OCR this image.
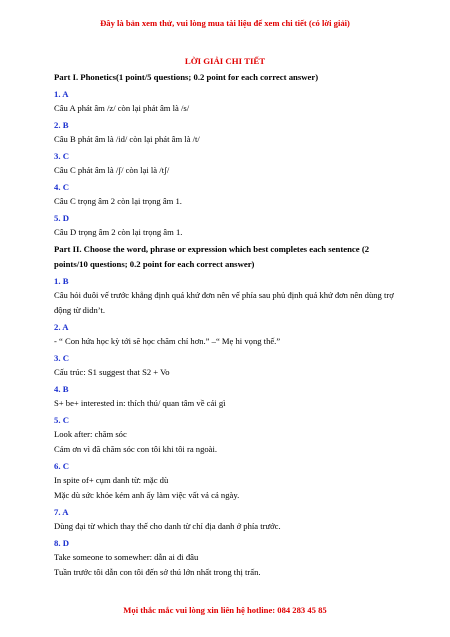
Đây là bản xem thử, vui lòng mua tài liệu để xem chi tiết (có lời giải)
LỜI GIẢI CHI TIẾT
Part I. Phonetics(1 point/5 questions; 0.2 point for each correct answer)
1. A
Câu A phát âm /z/ còn lại phát âm là /s/
2. B
Câu B phát âm là /id/ còn lại phát âm là /t/
3. C
Câu C phát âm là /ʃ/ còn lại là /tʃ/
4. C
Câu C trọng âm 2 còn lại trọng âm 1.
5. D
Câu D trọng âm 2 còn lại trọng âm 1.
Part II. Choose the word, phrase or expression which best completes each sentence (2 points/10 questions; 0.2 point for each correct answer)
1. B
Câu hỏi đuôi vế trước khẳng định quá khứ đơn nên vế phía sau phủ định quá khứ đơn nên dùng trợ động từ didn’t.
2. A
- “ Con hứa học kỳ tới sẽ học chăm chỉ hơn.” –“ Mẹ hi vọng thế.”
3. C
Cấu trúc: S1 suggest that S2 + Vo
4. B
S+ be+ interested in: thích thú/ quan tâm về cái gì
5. C
Look after: chăm sóc
Cảm ơn vì đã chăm sóc con tôi khi tôi ra ngoài.
6. C
In spite of+ cụm danh từ: mặc dù
Mặc dù sức khỏe kém anh ấy làm việc vất vả cả ngày.
7. A
Dùng đại từ which thay thế cho danh từ chỉ địa danh ở phía trước.
8. D
Take someone to somewher: dẫn ai đi đâu
Tuần trước tôi dẫn con tôi đến sở thú lớn nhất trong thị trấn.
Mọi thắc mắc vui lòng xin liên hệ hotline: 084 283 45 85
